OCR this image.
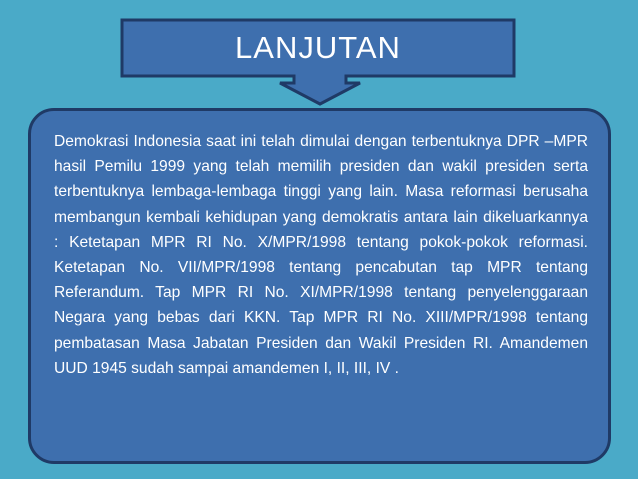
LANJUTAN

Demokrasi Indonesia saat ini telah dimulai dengan terbentuknya DPR –MPR hasil Pemilu 1999 yang telah memilih presiden dan wakil presiden serta terbentuknya lembaga-lembaga tinggi yang lain. Masa reformasi berusaha membangun kembali kehidupan yang demokratis antara lain dikeluarkannya : Ketetapan MPR RI No. X/MPR/1998 tentang pokok-pokok reformasi. Ketetapan No. VII/MPR/1998 tentang pencabutan tap MPR tentang Referandum. Tap MPR RI No. XI/MPR/1998 tentang penyelenggaraan Negara yang bebas dari KKN. Tap MPR RI No. XIII/MPR/1998 tentang pembatasan Masa Jabatan Presiden dan Wakil Presiden RI. Amandemen UUD 1945 sudah sampai amandemen I, II, III, IV .
